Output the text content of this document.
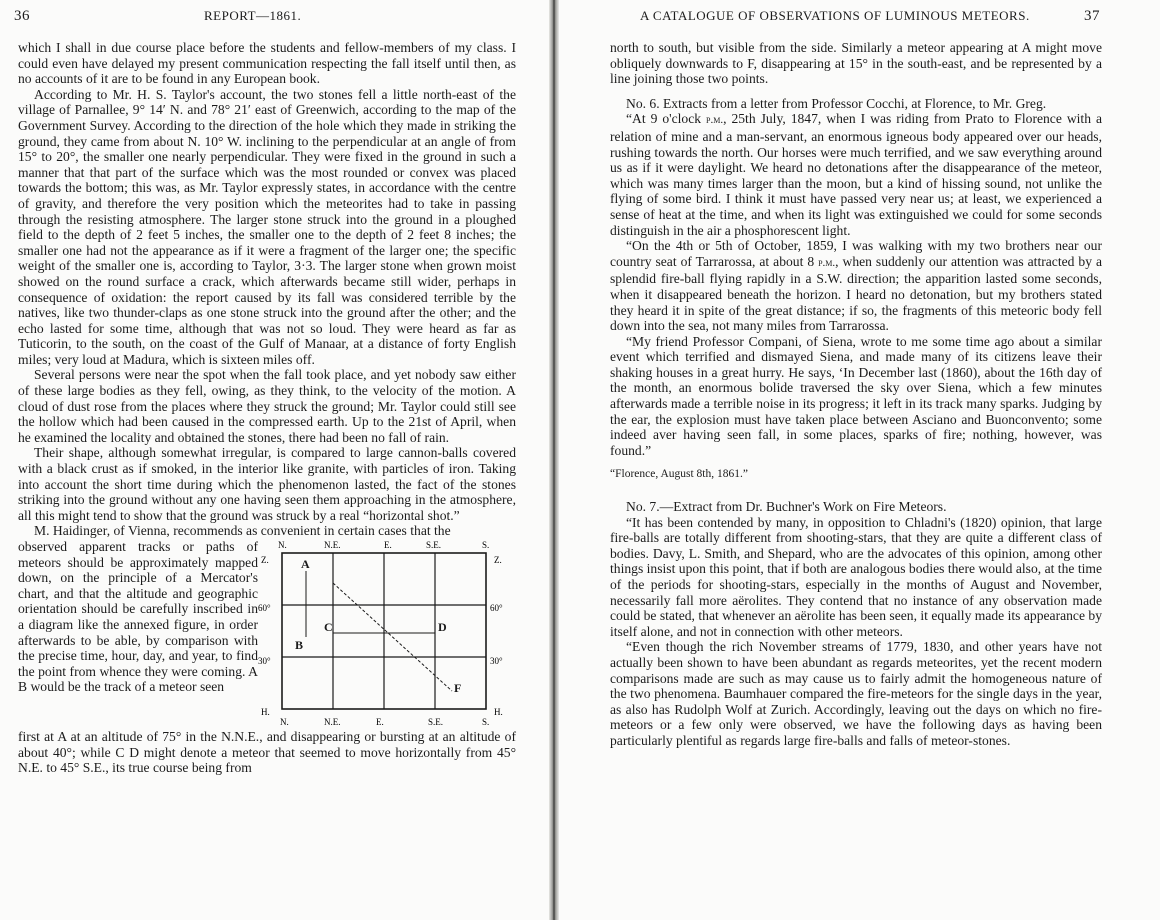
36	REPORT—1861.

which I shall in due course place before the students and fellow-members of my class. I could even have delayed my present communication respecting the fall itself until then, as no accounts of it are to be found in any European book.

According to Mr. H. S. Taylor's account, the two stones fell a little north-east of the village of Parnallee, 9° 14′ N. and 78° 21′ east of Greenwich, according to the map of the Government Survey. According to the direction of the hole which they made in striking the ground, they came from about N. 10° W. inclining to the perpendicular at an angle of from 15° to 20°, the smaller one nearly perpendicular. They were fixed in the ground in such a manner that that part of the surface which was the most rounded or convex was placed towards the bottom; this was, as Mr. Taylor expressly states, in accordance with the centre of gravity, and therefore the very position which the meteorites had to take in passing through the resisting atmosphere. The larger stone struck into the ground in a ploughed field to the depth of 2 feet 5 inches, the smaller one to the depth of 2 feet 8 inches; the smaller one had not the appearance as if it were a fragment of the larger one; the specific weight of the smaller one is, according to Taylor, 3·3. The larger stone when grown moist showed on the round surface a crack, which afterwards became still wider, perhaps in consequence of oxidation: the report caused by its fall was considered terrible by the natives, like two thunder-claps as one stone struck into the ground after the other; and the echo lasted for some time, although that was not so loud. They were heard as far as Tuticorin, to the south, on the coast of the Gulf of Manaar, at a distance of forty English miles; very loud at Madura, which is sixteen miles off.

Several persons were near the spot when the fall took place, and yet nobody saw either of these large bodies as they fell, owing, as they think, to the velocity of the motion. A cloud of dust rose from the places where they struck the ground; Mr. Taylor could still see the hollow which had been caused in the compressed earth. Up to the 21st of April, when he examined the locality and obtained the stones, there had been no fall of rain.

Their shape, although somewhat irregular, is compared to large cannon-balls covered with a black crust as if smoked, in the interior like granite, with particles of iron. Taking into account the short time during which the phenomenon lasted, the fact of the stones striking into the ground without any one having seen them approaching in the atmosphere, all this might tend to show that the ground was struck by a real “horizontal shot.”

M. Haidinger, of Vienna, recommends as convenient in certain cases that the

N.	N.E.	E.	S.E.	S.
N.	N.E.	E.	S.E.	S.
Z.
60°
30°
H.
Z.
60°
30°
H.
A
B
C	D
F

observed apparent tracks or paths of meteors should be approximately mapped down, on the principle of a Mercator's chart, and that the altitude and geographic orientation should be carefully inscribed in a diagram like the annexed figure, in order afterwards to be able, by comparison with the precise time, hour, day, and year, to find the point from whence they were coming. A B would be the track of a meteor seen

first at A at an altitude of 75° in the N.N.E., and disappearing or bursting at an altitude of about 40°; while C D might denote a meteor that seemed to move horizontally from 45° N.E. to 45° S.E., its true course being from

A CATALOGUE OF OBSERVATIONS OF LUMINOUS METEORS.	37

north to south, but visible from the side. Similarly a meteor appearing at A might move obliquely downwards to F, disappearing at 15° in the south-east, and be represented by a line joining those two points.

No. 6. Extracts from a letter from Professor Cocchi, at Florence, to Mr. Greg.

“At 9 o'clock p.m., 25th July, 1847, when I was riding from Prato to Florence with a relation of mine and a man-servant, an enormous igneous body appeared over our heads, rushing towards the north. Our horses were much terrified, and we saw everything around us as if it were daylight. We heard no detonations after the disappearance of the meteor, which was many times larger than the moon, but a kind of hissing sound, not unlike the flying of some bird. I think it must have passed very near us; at least, we experienced a sense of heat at the time, and when its light was extinguished we could for some seconds distinguish in the air a phosphorescent light.

“On the 4th or 5th of October, 1859, I was walking with my two brothers near our country seat of Tarrarossa, at about 8 p.m., when suddenly our attention was attracted by a splendid fire-ball flying rapidly in a S.W. direction; the apparition lasted some seconds, when it disappeared beneath the horizon. I heard no detonation, but my brothers stated they heard it in spite of the great distance; if so, the fragments of this meteoric body fell down into the sea, not many miles from Tarrarossa.

“My friend Professor Compani, of Siena, wrote to me some time ago about a similar event which terrified and dismayed Siena, and made many of its citizens leave their shaking houses in a great hurry. He says, ‘In December last (1860), about the 16th day of the month, an enormous bolide traversed the sky over Siena, which a few minutes afterwards made a terrible noise in its progress; it left in its track many sparks. Judging by the ear, the explosion must have taken place between Asciano and Buonconvento; some indeed aver having seen fall, in some places, sparks of fire; nothing, however, was found.”

“Florence, August 8th, 1861.”

No. 7.—Extract from Dr. Buchner's Work on Fire Meteors.

“It has been contended by many, in opposition to Chladni's (1820) opinion, that large fire-balls are totally different from shooting-stars, that they are quite a different class of bodies. Davy, L. Smith, and Shepard, who are the advocates of this opinion, among other things insist upon this point, that if both are analogous bodies there would also, at the time of the periods for shooting-stars, especially in the months of August and November, necessarily fall more aërolites. They contend that no instance of any observation made could be stated, that whenever an aërolite has been seen, it equally made its appearance by itself alone, and not in connection with other meteors.

“Even though the rich November streams of 1779, 1830, and other years have not actually been shown to have been abundant as regards meteorites, yet the recent modern comparisons made are such as may cause us to fairly admit the homogeneous nature of the two phenomena. Baumhauer compared the fire-meteors for the single days in the year, as also has Rudolph Wolf at Zurich. Accordingly, leaving out the days on which no fire-meteors or a few only were observed, we have the following days as having been particularly plentiful as regards large fire-balls and falls of meteor-stones.
